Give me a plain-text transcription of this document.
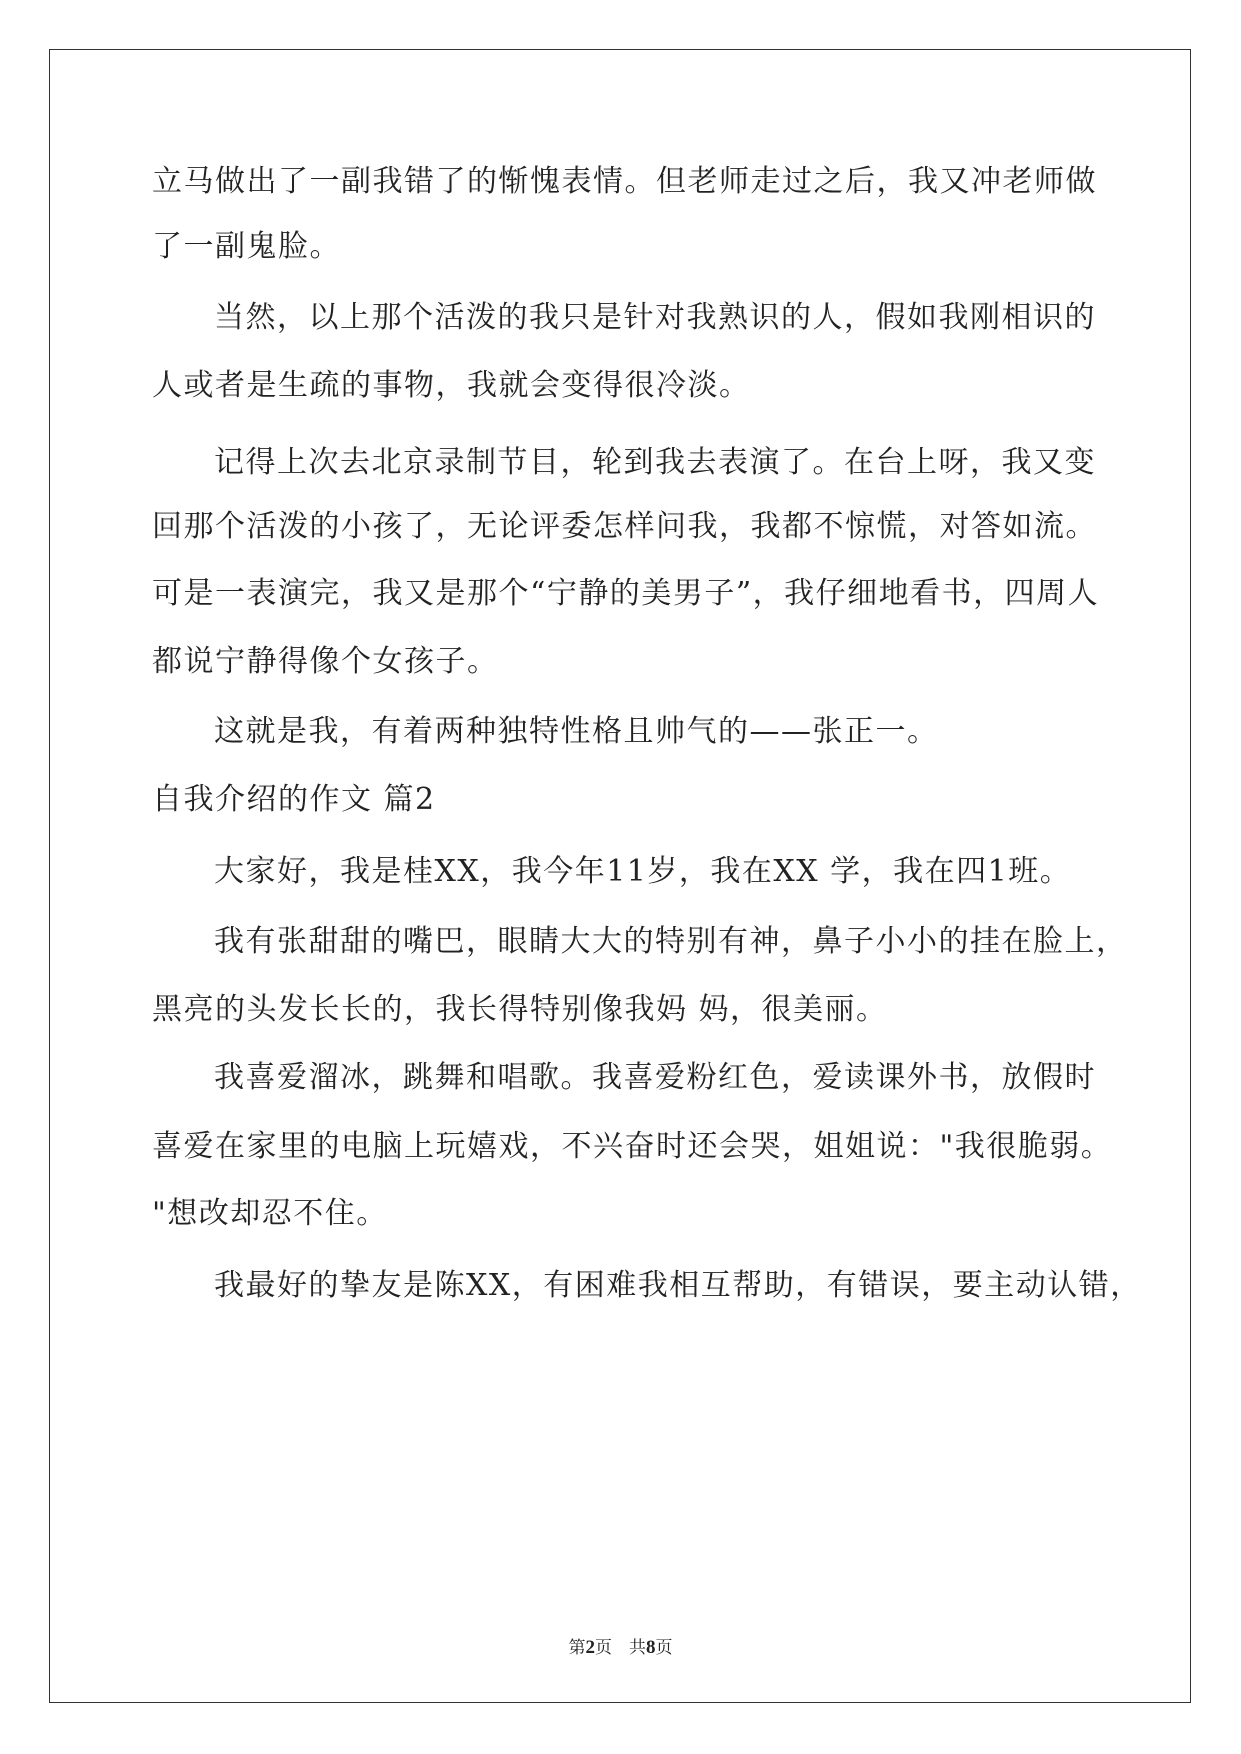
立马做出了一副我错了的惭愧表情。但老师走过之后，我又冲老师做
了一副鬼脸。
当然，以上那个活泼的我只是针对我熟识的人，假如我刚相识的
人或者是生疏的事物，我就会变得很冷淡。
记得上次去北京录制节目，轮到我去表演了。在台上呀，我又变
回那个活泼的小孩了，无论评委怎样问我，我都不惊慌，对答如流。
可是一表演完，我又是那个“宁静的美男子”，我仔细地看书，四周人
都说宁静得像个女孩子。
这就是我，有着两种独特性格且帅气的——张正一。
自我介绍的作文 篇2
大家好，我是桂XX，我今年11岁，我在XX 学，我在四1班。
我有张甜甜的嘴巴，眼睛大大的特别有神，鼻子小小的挂在脸上，
黑亮的头发长长的，我长得特别像我妈 妈，很美丽。
我喜爱溜冰，跳舞和唱歌。我喜爱粉红色，爱读课外书，放假时
喜爱在家里的电脑上玩嬉戏，不兴奋时还会哭，姐姐说："我很脆弱。
"想改却忍不住。
我最好的挚友是陈XX，有困难我相互帮助，有错误，要主动认错，
第2页　共8页
